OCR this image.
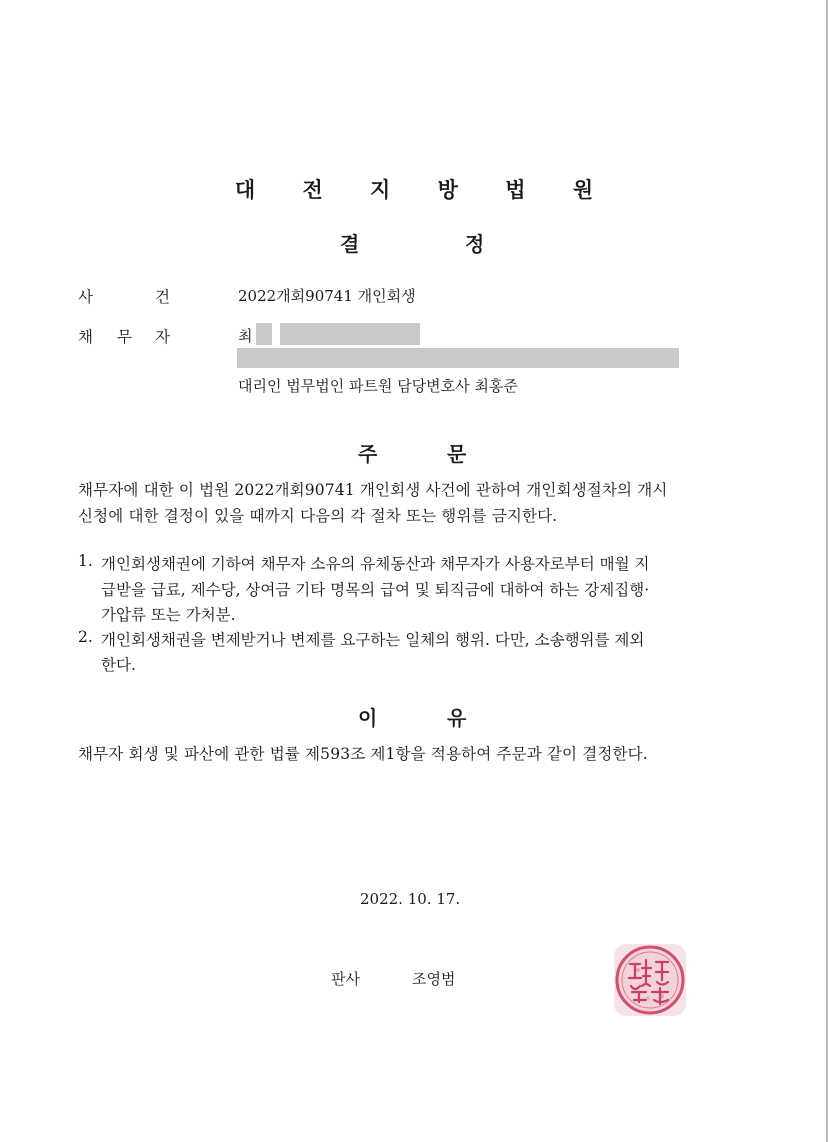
대 전 지 방 법 원
결	정
사	건	2022개회90741 개인회생
채 무 자	최
대리인 법무법인 파트원 담당변호사 최홍준
주	문
채무자에 대한 이 법원 2022개회90741 개인회생 사건에 관하여 개인회생절차의 개시
신청에 대한 결정이 있을 때까지 다음의 각 절차 또는 행위를 금지한다.
1. 개인회생채권에 기하여 채무자 소유의 유체동산과 채무자가 사용자로부터 매월 지
급받을 급료, 제수당, 상여금 기타 명목의 급여 및 퇴직금에 대하여 하는 강제집행·
가압류 또는 가처분.
2. 개인회생채권을 변제받거나 변제를 요구하는 일체의 행위. 다만, 소송행위를 제외
한다.
이	유
채무자 회생 및 파산에 관한 법률 제593조 제1항을 적용하여 주문과 같이 결정한다.
2022. 10. 17.
판사	조영범
